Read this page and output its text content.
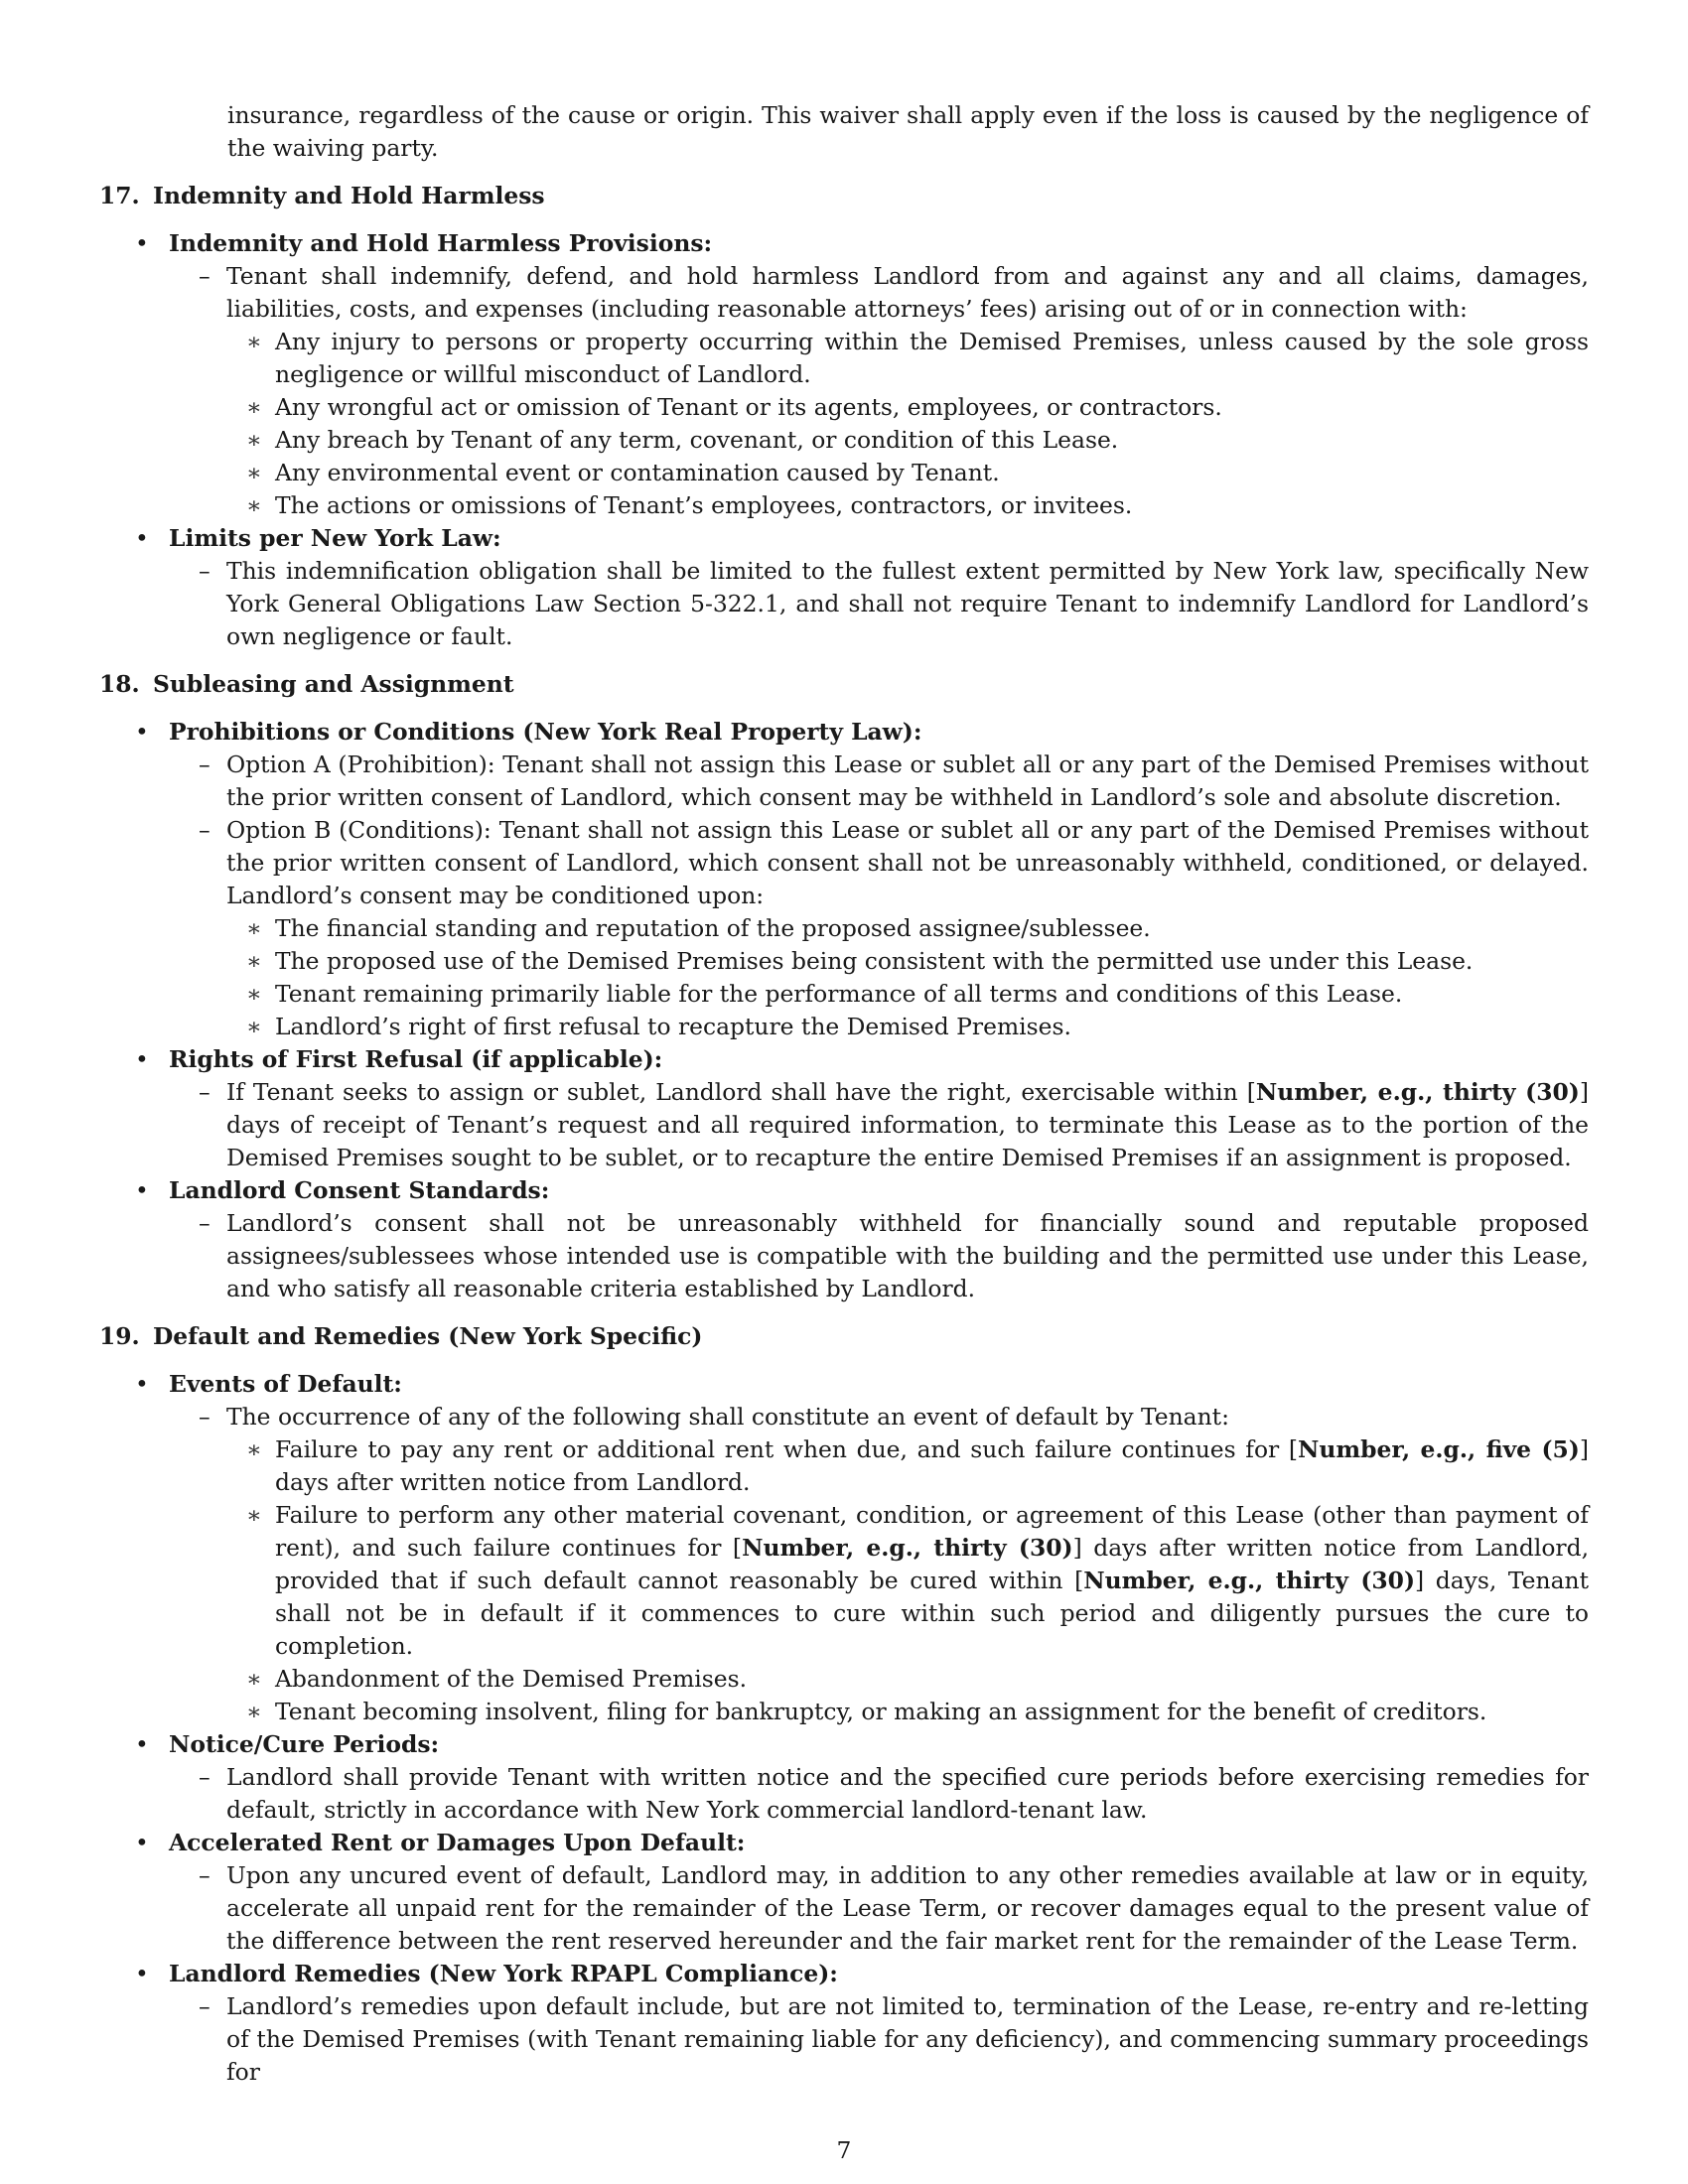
insurance, regardless of the cause or origin. This waiver shall apply even if the loss is caused by the negligence of the waiving party.

17. Indemnity and Hold Harmless
• Indemnity and Hold Harmless Provisions:
– Tenant shall indemnify, defend, and hold harmless Landlord from and against any and all claims, damages, liabilities, costs, and expenses (including reasonable attorneys’ fees) arising out of or in connection with:
∗ Any injury to persons or property occurring within the Demised Premises, unless caused by the sole gross negligence or willful misconduct of Landlord.
∗ Any wrongful act or omission of Tenant or its agents, employees, or contractors.
∗ Any breach by Tenant of any term, covenant, or condition of this Lease.
∗ Any environmental event or contamination caused by Tenant.
∗ The actions or omissions of Tenant’s employees, contractors, or invitees.
• Limits per New York Law:
– This indemnification obligation shall be limited to the fullest extent permitted by New York law, specifically New York General Obligations Law Section 5-322.1, and shall not require Tenant to indemnify Landlord for Landlord’s own negligence or fault.
18. Subleasing and Assignment
• Prohibitions or Conditions (New York Real Property Law):
– Option A (Prohibition): Tenant shall not assign this Lease or sublet all or any part of the Demised Premises without the prior written consent of Landlord, which consent may be withheld in Landlord’s sole and absolute discretion.
– Option B (Conditions): Tenant shall not assign this Lease or sublet all or any part of the Demised Premises without the prior written consent of Landlord, which consent shall not be unreasonably withheld, conditioned, or delayed. Landlord’s consent may be conditioned upon:
∗ The financial standing and reputation of the proposed assignee/sublessee.
∗ The proposed use of the Demised Premises being consistent with the permitted use under this Lease.
∗ Tenant remaining primarily liable for the performance of all terms and conditions of this Lease.
∗ Landlord’s right of first refusal to recapture the Demised Premises.
• Rights of First Refusal (if applicable):
– If Tenant seeks to assign or sublet, Landlord shall have the right, exercisable within [Number, e.g., thirty (30)] days of receipt of Tenant’s request and all required information, to terminate this Lease as to the portion of the Demised Premises sought to be sublet, or to recapture the entire Demised Premises if an assignment is proposed.
• Landlord Consent Standards:
– Landlord’s consent shall not be unreasonably withheld for financially sound and reputable proposed assignees/sublessees whose intended use is compatible with the building and the permitted use under this Lease, and who satisfy all reasonable criteria established by Landlord.
19. Default and Remedies (New York Specific)
• Events of Default:
– The occurrence of any of the following shall constitute an event of default by Tenant:
∗ Failure to pay any rent or additional rent when due, and such failure continues for [Number, e.g., five (5)] days after written notice from Landlord.
∗ Failure to perform any other material covenant, condition, or agreement of this Lease (other than payment of rent), and such failure continues for [Number, e.g., thirty (30)] days after written notice from Landlord, provided that if such default cannot reasonably be cured within [Number, e.g., thirty (30)] days, Tenant shall not be in default if it commences to cure within such period and diligently pursues the cure to completion.
∗ Abandonment of the Demised Premises.
∗ Tenant becoming insolvent, filing for bankruptcy, or making an assignment for the benefit of creditors.
• Notice/Cure Periods:
– Landlord shall provide Tenant with written notice and the specified cure periods before exercising remedies for default, strictly in accordance with New York commercial landlord-tenant law.
• Accelerated Rent or Damages Upon Default:
– Upon any uncured event of default, Landlord may, in addition to any other remedies available at law or in equity, accelerate all unpaid rent for the remainder of the Lease Term, or recover damages equal to the present value of the difference between the rent reserved hereunder and the fair market rent for the remainder of the Lease Term.
• Landlord Remedies (New York RPAPL Compliance):
– Landlord’s remedies upon default include, but are not limited to, termination of the Lease, re-entry and re-letting of the Demised Premises (with Tenant remaining liable for any deficiency), and commencing summary proceedings for
7
